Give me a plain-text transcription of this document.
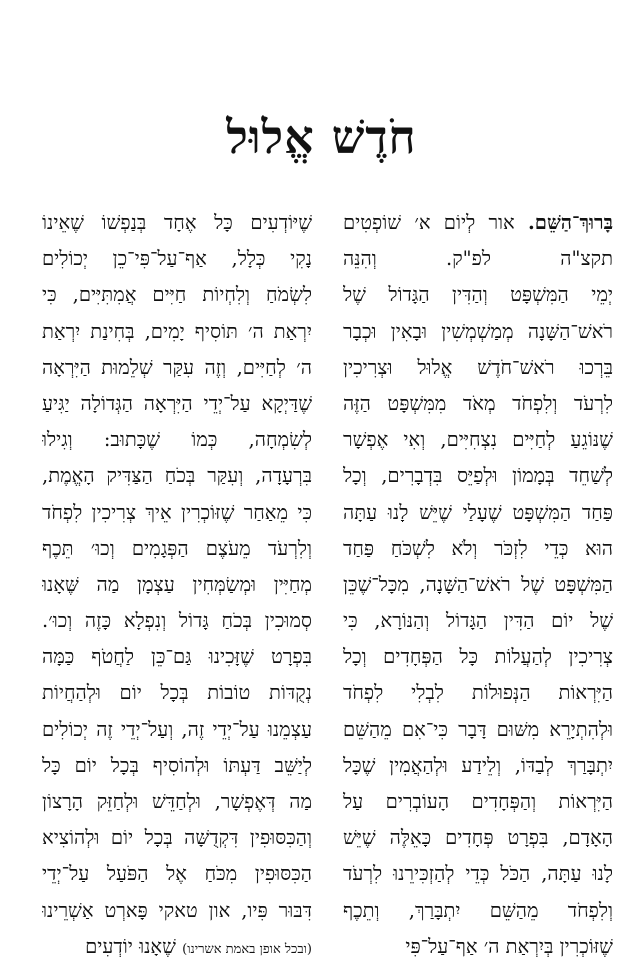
חֹדֶשׁ אֱלוּל
בָּרוּךְ־הַשֵּׁם. אור לְיוֹם א׳ שׁוֹפְטִים
תקצ"ה לפ"ק. וְהִנֵּה
יְמֵי הַמִּשְׁפָּט וְהַדִּין הַגָּדוֹל שֶׁל
רֹאשׁ־הַשָּׁנָה מְמַשְׁמְשִׁין וּבָאִין וּכְבָר
בֵּרְכוּ רֹאשׁ־חֹדֶשׁ אֱלוּל וּצְרִיכִין
לִרְעֹד וְלִפְחֹד מְאֹד מִמִּשְׁפָּט הַזֶּה
שֶׁנּוֹגֵעַ לְחַיִּים נִצְחִיִּים, וְאִי אֶפְשָׁר
לְשַׁחֵד בְּמָמוֹן וּלְפַיֵּס בִּדְבָרִים, וְכָל
פַּחַד הַמִּשְׁפָּט שֶׁעָלַי שֶׁיֵּשׁ לָנוּ עַתָּה
הוּא כְּדֵי לִזְכֹּר וְלֹא לִשְׁכֹּחַ פַּחַד
הַמִּשְׁפָּט שֶׁל רֹאשׁ־הַשָּׁנָה, מִכָּל־שֶׁכֵּן
שֶׁל יוֹם הַדִּין הַגָּדוֹל וְהַנּוֹרָא, כִּי
צְרִיכִין לְהַעֲלוֹת כָּל הַפְּחָדִים וְכָל
הַיִּרְאוֹת הַנְּפוּלוֹת לִבְלִי לִפְחֹד
וּלְהִתְיָרֵא מִשּׁוּם דָּבָר כִּי־אִם מֵהַשֵּׁם
יִתְבָּרַךְ לְבַדּוֹ, וְלֵידַע וּלְהַאֲמִין שֶׁכָּל
הַיִּרְאוֹת וְהַפְּחָדִים הָעוֹבְרִים עַל
הָאָדָם, בִּפְרָט פְּחָדִים כָּאֵלֶּה שֶׁיֵּשׁ
לָנוּ עַתָּה, הַכֹּל כְּדֵי לְהַזְכִּירֵנוּ לִרְעֹד
וְלִפְחֹד מֵהַשֵּׁם יִתְבָּרַךְ, וְתֵכֶף
שֶׁזּוֹכְרִין בְּיִרְאַת ה׳ אַף־עַל־פִּי
שֶׁיּוֹדְעִים כָּל אֶחָד בְּנַפְשׁוֹ שֶׁאֵינוֹ
נָקִי כְּלָל, אַף־עַל־פִּי־כֵן יְכוֹלִים
לִשְׂמֹחַ וְלִחְיוֹת חַיִּים אֲמִתִּיִּים, כִּי
יִרְאַת ה׳ תּוֹסִיף יָמִים, בְּחִינַת יִרְאַת
ה׳ לְחַיִּים, וְזֶה עִקַּר שְׁלֵמוּת הַיִּרְאָה
שֶׁדַּיְקָא עַל־יְדֵי הַיִּרְאָה הַגְּדוֹלָה יַגִּיעַ
לְשִׂמְחָה, כְּמוֹ שֶׁכָּתוּב: וְגִילוּ
בִּרְעָדָה, וְעִקַּר בְּכֹחַ הַצַּדִּיק הָאֱמֶת,
כִּי מֵאַחַר שֶׁזּוֹכְרִין אֵיךְ צְרִיכִין לִפְחֹד
וְלִרְעֹד מֵעֹצֶם הַפְּגָמִים וְכוּ׳ תֵּכֶף
מְחַיִּין וּמְשַׂמְּחִין עַצְמָן מַה שֶּׁאָנוּ
סְמוּכִין בְּכֹחַ גָּדוֹל וְנִפְלָא כָּזֶה וְכוּ׳.
בִּפְרָט שֶׁזָּכִינוּ גַּם־כֵּן לַחֲטֹף כַּמָּה
נְקֻדּוֹת טוֹבוֹת בְּכָל יוֹם וּלְהַחֲיוֹת
עַצְמֵנוּ עַל־יְדֵי זֶה, וְעַל־יְדֵי זֶה יְכוֹלִים
לְיַשֵּׁב דַּעְתּוֹ וּלְהוֹסִיף בְּכָל יוֹם כָּל
מַה דְּאֶפְשָׁר, וּלְחַדֵּשׁ וּלְחַזֵּק הָרָצוֹן
וְהַכִּסּוּפִין דִּקְדֻשָּׁה בְּכָל יוֹם וּלְהוֹצִיא
הַכִּסּוּפִין מִכֹּחַ אֶל הַפֹּעַל עַל־יְדֵי
דִּבּוּר פִּיו, און טאקי פָּארְט אַשְׁרֵינוּ
(ובכל אופן באמת אשרינו) שֶׁאָנוּ יוֹדְעִים
